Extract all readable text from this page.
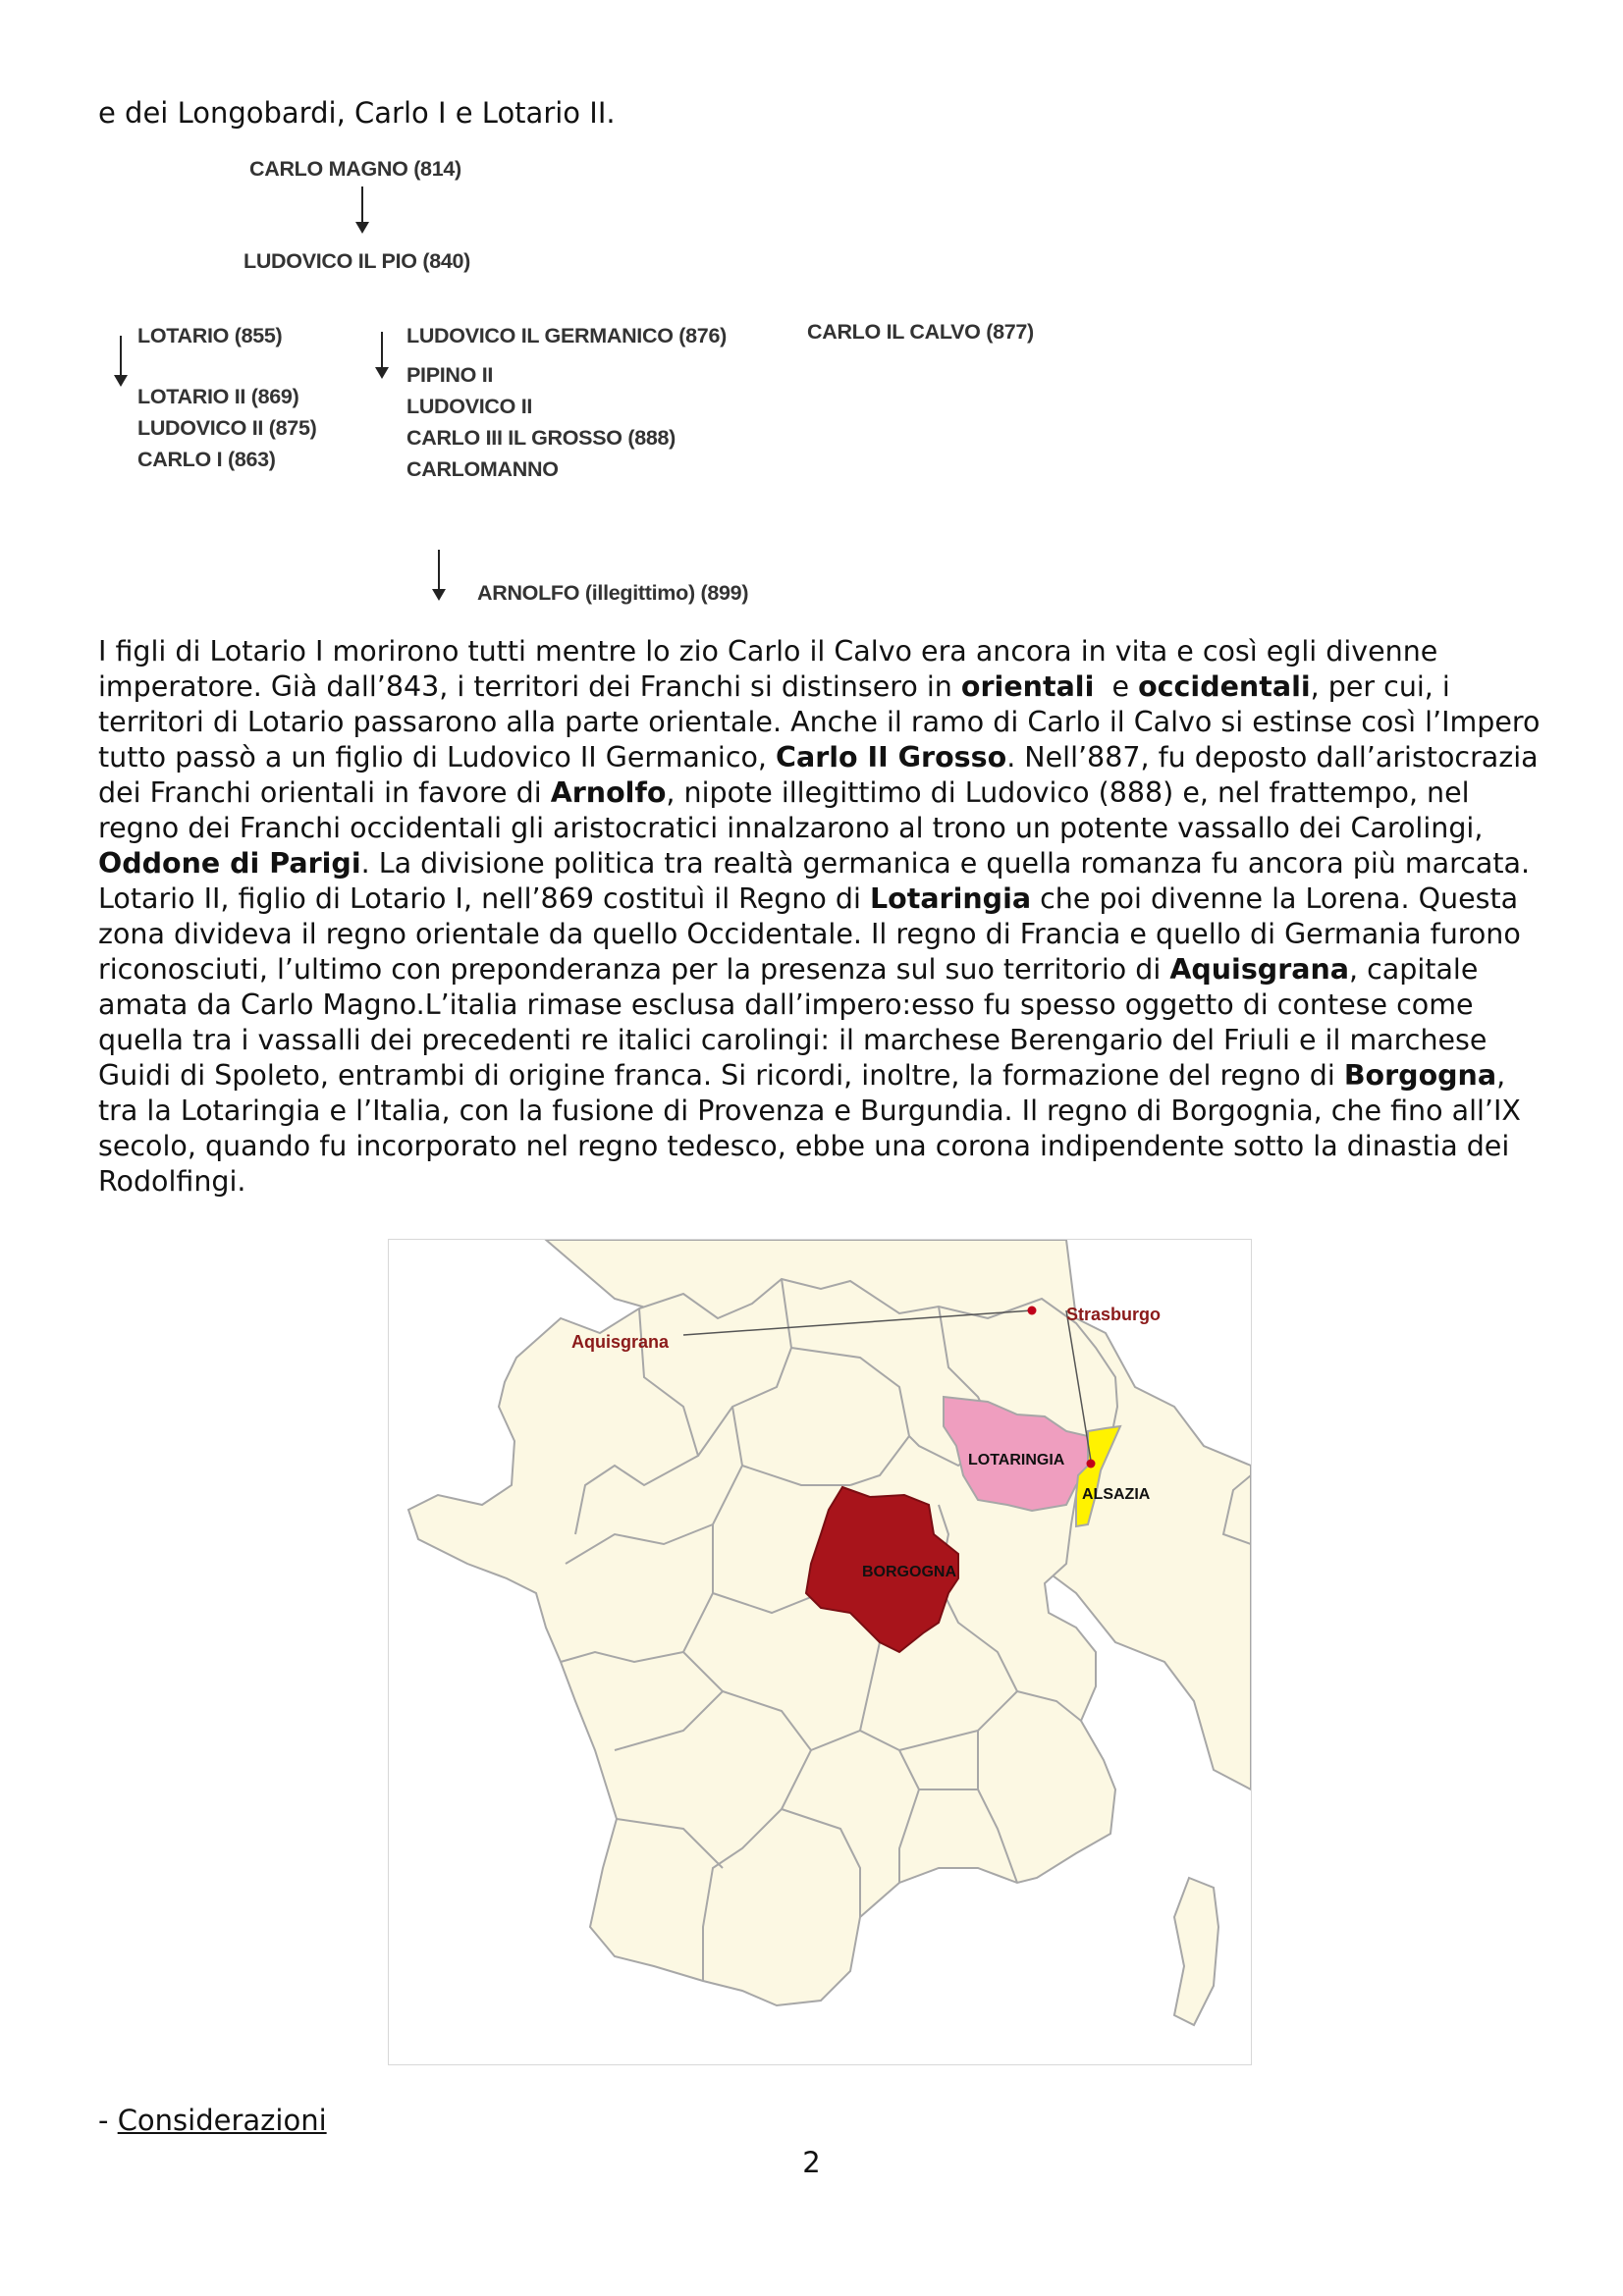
e dei Longobardi, Carlo I e Lotario II.
CARLO MAGNO (814)
LUDOVICO IL PIO (840)
LOTARIO (855)
LOTARIO II (869)
LUDOVICO II (875)
CARLO I (863)
LUDOVICO IL GERMANICO (876)
PIPINO II
LUDOVICO II
CARLO III IL GROSSO (888)
CARLOMANNO
CARLO IL CALVO (877)
ARNOLFO (illegittimo) (899)

I figli di Lotario I morirono tutti mentre lo zio Carlo il Calvo era ancora in vita e così egli divenne imperatore. Già dall’843, i territori dei Franchi si distinsero in orientali  e occidentali, per cui, i territori di Lotario passarono alla parte orientale. Anche il ramo di Carlo il Calvo si estinse così l’Impero tutto passò a un figlio di Ludovico II Germanico, Carlo II Grosso. Nell’887, fu deposto dall’aristocrazia dei Franchi orientali in favore di Arnolfo, nipote illegittimo di Ludovico (888) e, nel frattempo, nel regno dei Franchi occidentali gli aristocratici innalzarono al trono un potente vassallo dei Carolingi, Oddone di Parigi. La divisione politica tra realtà germanica e quella romanza fu ancora più marcata.

Lotario II, figlio di Lotario I, nell’869 costituì il Regno di Lotaringia che poi divenne la Lorena. Questa zona divideva il regno orientale da quello Occidentale. Il regno di Francia e quello di Germania furono riconosciuti, l’ultimo con preponderanza per la presenza sul suo territorio di Aquisgrana, capitale amata da Carlo Magno.L’italia rimase esclusa dall’impero:esso fu spesso oggetto di contese come quella tra i vassalli dei precedenti re italici carolingi: il marchese Berengario del Friuli e il marchese Guidi di Spoleto, entrambi di origine franca. Si ricordi, inoltre, la formazione del regno di Borgogna, tra la Lotaringia e l’Italia, con la fusione di Provenza e Burgundia. Il regno di Borgognia, che fino all’IX secolo, quando fu incorporato nel regno tedesco, ebbe una corona indipendente sotto la dinastia dei Rodolfingi.

Aquisgrana
Strasburgo
LOTARINGIA
ALSAZIA
BORGOGNA
- Considerazioni
2
